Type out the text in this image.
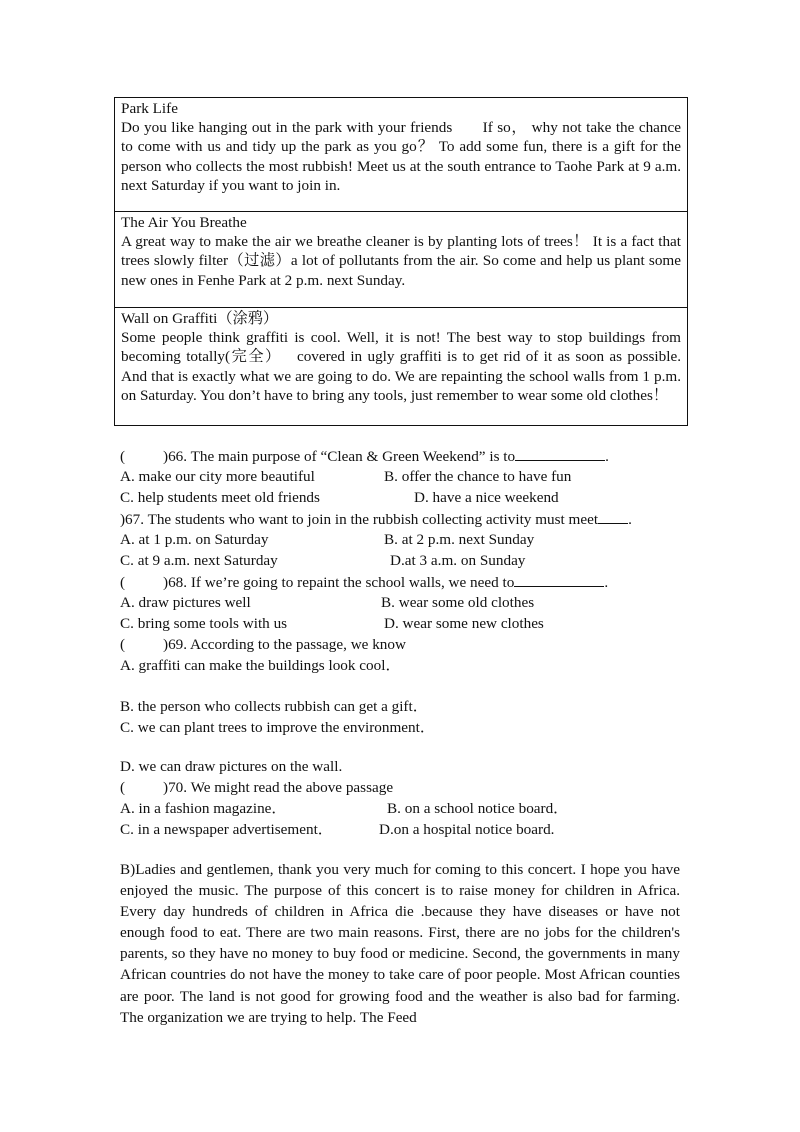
Park Life
Do you like hanging out in the park with your friends  If so， why not take the chance to come with us and tidy up the park as you go？ To add some fun, there is a gift for the person who collects the most rubbish! Meet us at the south entrance to Taohe Park at 9 a.m. next Saturday if you want to join in.
The Air You Breathe
A great way to make the air we breathe cleaner is by planting lots of trees！ It is a fact that trees slowly filter（过滤）a lot of pollutants from the air. So come and help us plant some new ones in Fenhe Park at 2 p.m. next Sunday.
Wall on Graffiti（涂鸦）
Some people think graffiti is cool. Well, it is not! The best way to stop buildings from becoming totally(完全） covered in ugly graffiti is to get rid of it as soon as possible. And that is exactly what we are going to do. We are repainting the school walls from 1 p.m. on Saturday. You don’t have to bring any tools, just remember to wear some old clothes！
(   )66. The main purpose of “Clean & Green Weekend” is to	.
A. make our city more beautiful	B. offer the chance to have fun
C. help students meet old friends	D. have a nice weekend
)67. The students who want to join in the rubbish collecting activity must meet .
A. at 1 p.m. on Saturday	B. at 2 p.m. next Sunday
C. at 9 a.m. next Saturday	D.at 3 a.m. on Sunday
(   )68. If we’re going to repaint the school walls, we need to	.
A. draw pictures well	B. wear some old clothes
C. bring some tools with us	D. wear some new clothes
(   )69. According to the passage, we know
A. graffiti can make the buildings look cool．
B. the person who collects rubbish can get a gift．
C. we can plant trees to improve the environment．
D. we can draw pictures on the wall.
(   )70. We might read the above passage
A. in a fashion magazine．	B. on a school notice board．
C. in a newspaper advertisement．	D.on a hospital notice board.
B)Ladies and gentlemen, thank you very much for coming to this concert. I hope you have enjoyed the music. The purpose of this concert is to raise money for children in Africa. Every day hundreds of children in Africa die .because they have diseases or have not enough food to eat. There are two main reasons. First, there are no jobs for the children's parents, so they have no money to buy food or medicine. Second, the governments in many African countries do not have the money to take care of poor people. Most African counties are poor. The land is not good for growing food and the weather is also bad for farming. The organization we are trying to help. The Feed
